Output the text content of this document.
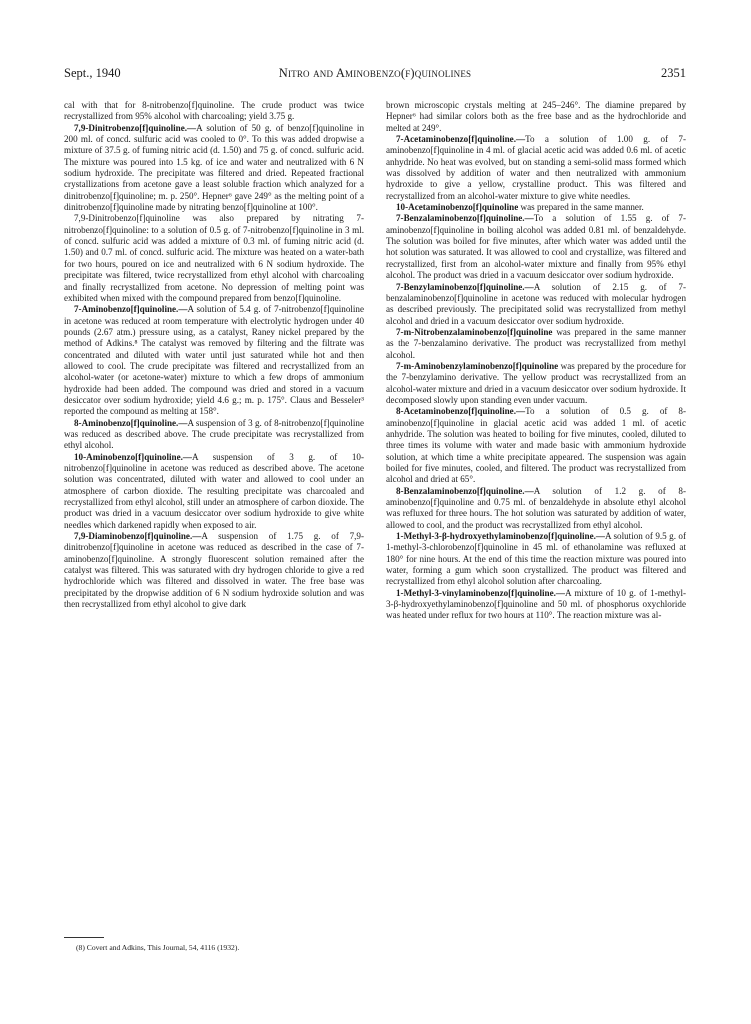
Sept., 1940	Nitro and Aminobenzo(f)quinolines	2351

cal with that for 8-nitrobenzo[f]quinoline. The crude product was twice recrystallized from 95% alcohol with charcoaling; yield 3.75 g.

7,9-Dinitrobenzo[f]quinoline.—A solution of 50 g. of benzo[f]quinoline in 200 ml. of concd. sulfuric acid was cooled to 0°. To this was added dropwise a mixture of 37.5 g. of fuming nitric acid (d. 1.50) and 75 g. of concd. sulfuric acid. The mixture was poured into 1.5 kg. of ice and water and neutralized with 6 N sodium hydroxide. The precipitate was filtered and dried. Repeated fractional crystallizations from acetone gave a least soluble fraction which analyzed for a dinitrobenzo[f]quinoline; m. p. 250°. Hepner⁶ gave 249° as the melting point of a dinitrobenzo[f]quinoline made by nitrating benzo[f]quinoline at 100°.

7,9-Dinitrobenzo[f]quinoline was also prepared by nitrating 7-nitrobenzo[f]quinoline: to a solution of 0.5 g. of 7-nitrobenzo[f]quinoline in 3 ml. of concd. sulfuric acid was added a mixture of 0.3 ml. of fuming nitric acid (d. 1.50) and 0.7 ml. of concd. sulfuric acid. The mixture was heated on a water-bath for two hours, poured on ice and neutralized with 6 N sodium hydroxide. The precipitate was filtered, twice recrystallized from ethyl alcohol with charcoaling and finally recrystallized from acetone. No depression of melting point was exhibited when mixed with the compound prepared from benzo[f]quinoline.

7-Aminobenzo[f]quinoline.—A solution of 5.4 g. of 7-nitrobenzo[f]quinoline in acetone was reduced at room temperature with electrolytic hydrogen under 40 pounds (2.67 atm.) pressure using, as a catalyst, Raney nickel prepared by the method of Adkins.⁸ The catalyst was removed by filtering and the filtrate was concentrated and diluted with water until just saturated while hot and then allowed to cool. The crude precipitate was filtered and recrystallized from an alcohol-water (or acetone-water) mixture to which a few drops of ammonium hydroxide had been added. The compound was dried and stored in a vacuum desiccator over sodium hydroxide; yield 4.6 g.; m. p. 175°. Claus and Besseler³ reported the compound as melting at 158°.

8-Aminobenzo[f]quinoline.—A suspension of 3 g. of 8-nitrobenzo[f]quinoline was reduced as described above. The crude precipitate was recrystallized from ethyl alcohol.

10-Aminobenzo[f]quinoline.—A suspension of 3 g. of 10-nitrobenzo[f]quinoline in acetone was reduced as described above. The acetone solution was concentrated, diluted with water and allowed to cool under an atmosphere of carbon dioxide. The resulting precipitate was charcoaled and recrystallized from ethyl alcohol, still under an atmosphere of carbon dioxide. The product was dried in a vacuum desiccator over sodium hydroxide to give white needles which darkened rapidly when exposed to air.

7,9-Diaminobenzo[f]quinoline.—A suspension of 1.75 g. of 7,9-dinitrobenzo[f]quinoline in acetone was reduced as described in the case of 7-aminobenzo[f]quinoline. A strongly fluorescent solution remained after the catalyst was filtered. This was saturated with dry hydrogen chloride to give a red hydrochloride which was filtered and dissolved in water. The free base was precipitated by the dropwise addition of 6 N sodium hydroxide solution and was then recrystallized from ethyl alcohol to give dark

brown microscopic crystals melting at 245–246°. The diamine prepared by Hepner⁶ had similar colors both as the free base and as the hydrochloride and melted at 249°.

7-Acetaminobenzo[f]quinoline.—To a solution of 1.00 g. of 7-aminobenzo[f]quinoline in 4 ml. of glacial acetic acid was added 0.6 ml. of acetic anhydride. No heat was evolved, but on standing a semi-solid mass formed which was dissolved by addition of water and then neutralized with ammonium hydroxide to give a yellow, crystalline product. This was filtered and recrystallized from an alcohol-water mixture to give white needles.

10-Acetaminobenzo[f]quinoline was prepared in the same manner.

7-Benzalaminobenzo[f]quinoline.—To a solution of 1.55 g. of 7-aminobenzo[f]quinoline in boiling alcohol was added 0.81 ml. of benzaldehyde. The solution was boiled for five minutes, after which water was added until the hot solution was saturated. It was allowed to cool and crystallize, was filtered and recrystallized, first from an alcohol-water mixture and finally from 95% ethyl alcohol. The product was dried in a vacuum desiccator over sodium hydroxide.

7-Benzylaminobenzo[f]quinoline.—A solution of 2.15 g. of 7-benzalaminobenzo[f]quinoline in acetone was reduced with molecular hydrogen as described previously. The precipitated solid was recrystallized from methyl alcohol and dried in a vacuum desiccator over sodium hydroxide.

7-m-Nitrobenzalaminobenzo[f]quinoline was prepared in the same manner as the 7-benzalamino derivative. The product was recrystallized from methyl alcohol.

7-m-Aminobenzylaminobenzo[f]quinoline was prepared by the procedure for the 7-benzylamino derivative. The yellow product was recrystallized from an alcohol-water mixture and dried in a vacuum desiccator over sodium hydroxide. It decomposed slowly upon standing even under vacuum.

8-Acetaminobenzo[f]quinoline.—To a solution of 0.5 g. of 8-aminobenzo[f]quinoline in glacial acetic acid was added 1 ml. of acetic anhydride. The solution was heated to boiling for five minutes, cooled, diluted to three times its volume with water and made basic with ammonium hydroxide solution, at which time a white precipitate appeared. The suspension was again boiled for five minutes, cooled, and filtered. The product was recrystallized from alcohol and dried at 65°.

8-Benzalaminobenzo[f]quinoline.—A solution of 1.2 g. of 8-aminobenzo[f]quinoline and 0.75 ml. of benzaldehyde in absolute ethyl alcohol was refluxed for three hours. The hot solution was saturated by addition of water, allowed to cool, and the product was recrystallized from ethyl alcohol.

1-Methyl-3-β-hydroxyethylaminobenzo[f]quinoline.—A solution of 9.5 g. of 1-methyl-3-chlorobenzo[f]quinoline in 45 ml. of ethanolamine was refluxed at 180° for nine hours. At the end of this time the reaction mixture was poured into water, forming a gum which soon crystallized. The product was filtered and recrystallized from ethyl alcohol solution after charcoaling.

1-Methyl-3-vinylaminobenzo[f]quinoline.—A mixture of 10 g. of 1-methyl-3-β-hydroxyethylaminobenzo[f]quinoline and 50 ml. of phosphorus oxychloride was heated under reflux for two hours at 110°. The reaction mixture was al-

(8) Covert and Adkins, This Journal, 54, 4116 (1932).
